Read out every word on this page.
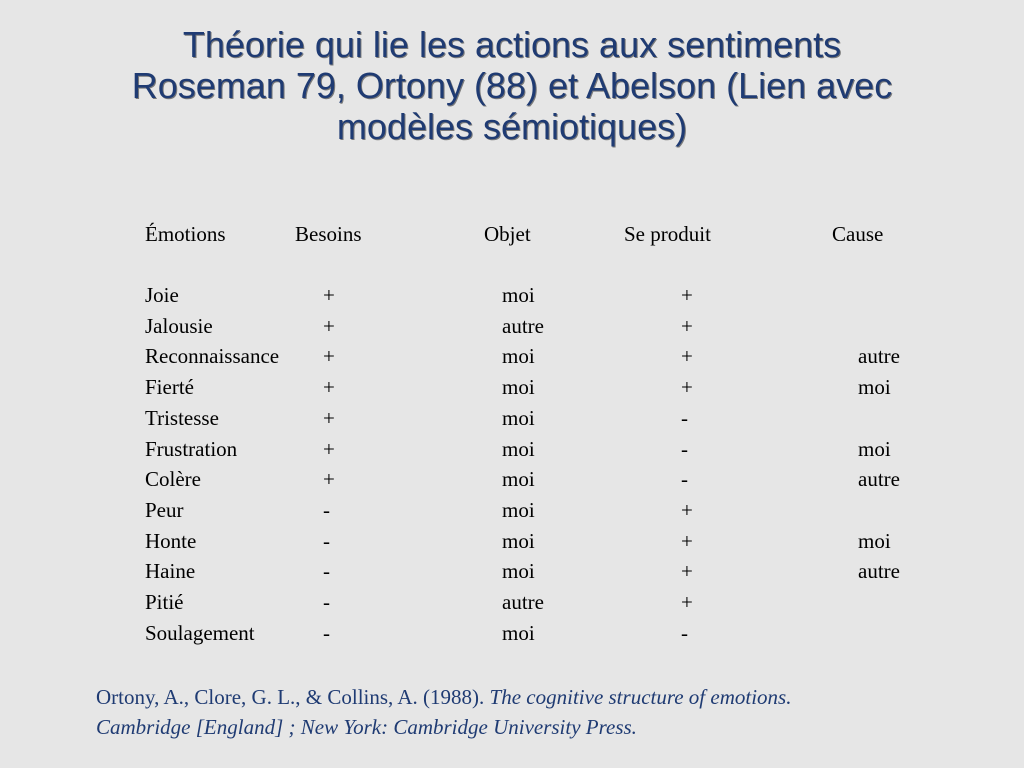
Théorie qui lie les actions aux sentiments
Roseman 79, Ortony (88) et Abelson (Lien avec
modèles sémiotiques)
Émotions	Besoins	Objet	Se produit	Cause
Joie	+	moi	+
Jalousie	+	autre	+
Reconnaissance +	moi	+	autre
Fierté	+	moi	+	moi
Tristesse	+	moi	-
Frustration	+	moi	-	moi
Colère	+	moi	-	autre
Peur	-	moi	+
Honte	-	moi	+	moi
Haine	-	moi	+	autre
Pitié	-	autre	+
Soulagement	-	moi	-
Ortony, A., Clore, G. L., & Collins, A. (1988). The cognitive structure of emotions.
Cambridge [England] ; New York: Cambridge University Press.
